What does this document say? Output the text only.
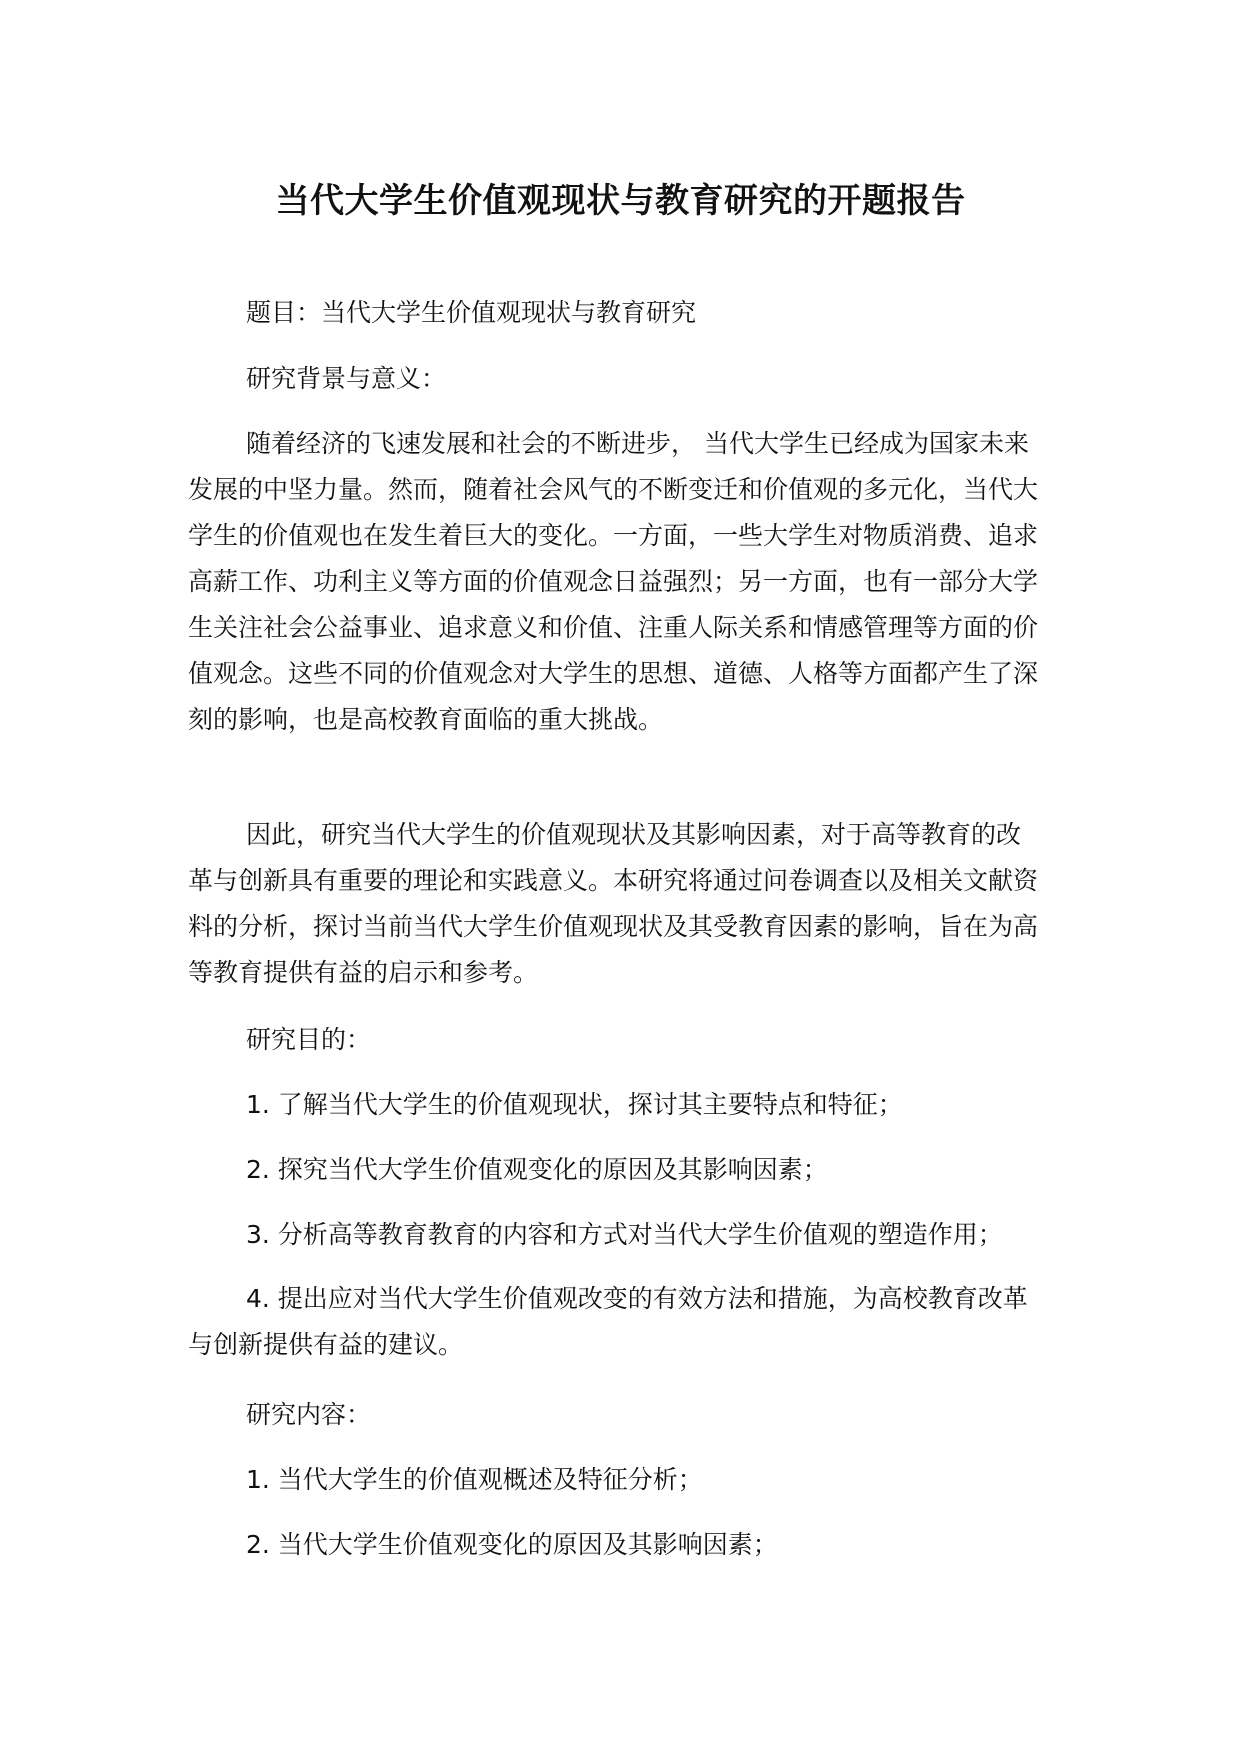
当代大学生价值观现状与教育研究的开题报告
题目：当代大学生价值观现状与教育研究
研究背景与意义：
随着经济的飞速发展和社会的不断进步， 当代大学生已经成为国家未来发展的中坚力量。然而，随着社会风气的不断变迁和价值观的多元化，当代大学生的价值观也在发生着巨大的变化。一方面，一些大学生对物质消费、追求高薪工作、功利主义等方面的价值观念日益强烈；另一方面，也有一部分大学生关注社会公益事业、追求意义和价值、注重人际关系和情感管理等方面的价值观念。这些不同的价值观念对大学生的思想、道德、人格等方面都产生了深刻的影响，也是高校教育面临的重大挑战。
因此，研究当代大学生的价值观现状及其影响因素，对于高等教育的改革与创新具有重要的理论和实践意义。本研究将通过问卷调查以及相关文献资料的分析，探讨当前当代大学生价值观现状及其受教育因素的影响，旨在为高等教育提供有益的启示和参考。
研究目的：
1. 了解当代大学生的价值观现状，探讨其主要特点和特征；
2. 探究当代大学生价值观变化的原因及其影响因素；
3. 分析高等教育教育的内容和方式对当代大学生价值观的塑造作用；
4. 提出应对当代大学生价值观改变的有效方法和措施，为高校教育改革与创新提供有益的建议。
研究内容：
1. 当代大学生的价值观概述及特征分析；
2. 当代大学生价值观变化的原因及其影响因素；
